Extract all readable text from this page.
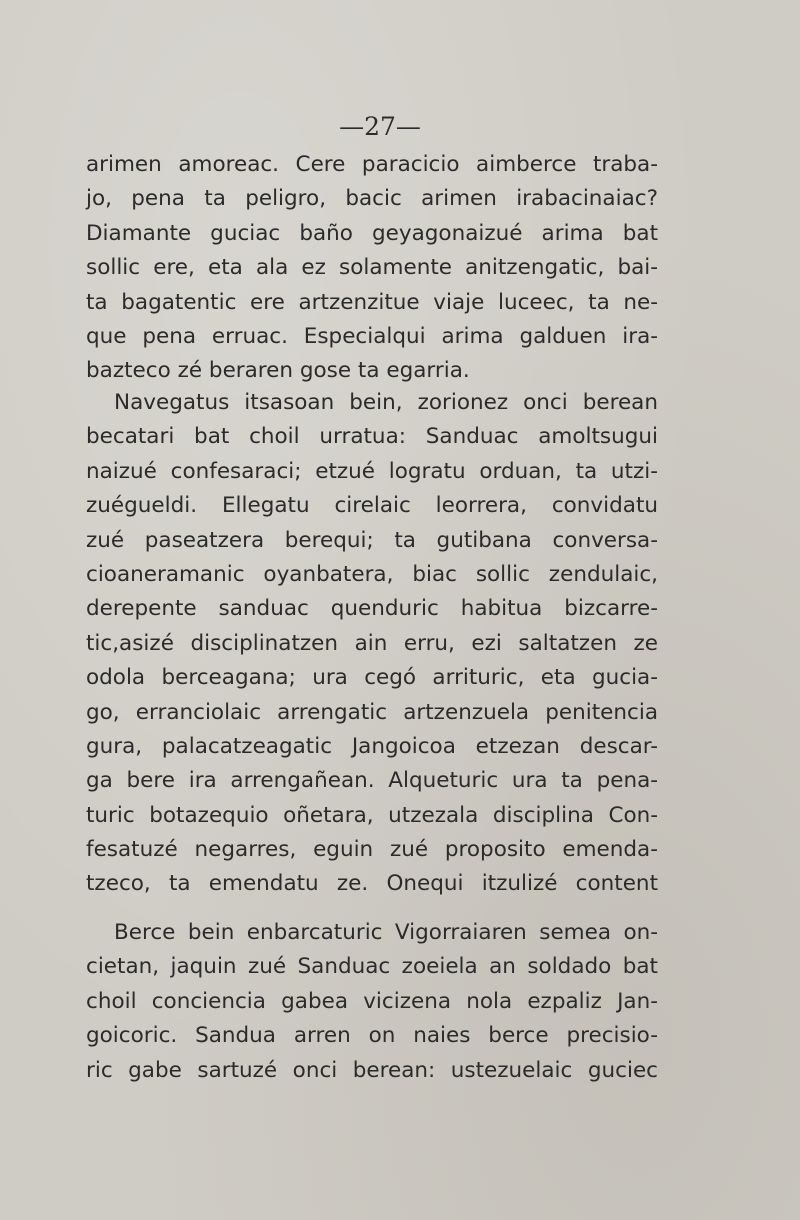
—27—
arimen amoreac. Cere paracicio aimberce traba-
jo, pena ta peligro, bacic arimen irabacinaiac?
Diamante guciac baño geyagonaizué arima bat
sollic ere, eta ala ez solamente anitzengatic, bai-
ta bagatentic ere artzenzitue viaje luceec, ta ne-
que pena erruac. Especialqui arima galduen ira-
bazteco zé beraren gose ta egarria.
Navegatus itsasoan bein, zorionez onci berean
becatari bat choil urratua: Sanduac amoltsugui
naizué confesaraci; etzué logratu orduan, ta utzi-
zuégueldi. Ellegatu cirelaic leorrera, convidatu
zué paseatzera berequi; ta gutibana conversa-
cioaneramanic oyanbatera, biac sollic zendulaic,
derepente sanduac quenduric habitua bizcarre-
tic,asizé disciplinatzen ain erru, ezi saltatzen ze
odola berceagana; ura cegó arrituric, eta gucia-
go, erranciolaic arrengatic artzenzuela penitencia
gura, palacatzeagatic Jangoicoa etzezan descar-
ga bere ira arrengañean. Alqueturic ura ta pena-
turic botazequio oñetara, utzezala disciplina Con-
fesatuzé negarres, eguin zué proposito emenda-
tzeco, ta emendatu ze. Onequi itzulizé content
Berce bein enbarcaturic Vigorraiaren semea on-
cietan, jaquin zué Sanduac zoeiela an soldado bat
choil conciencia gabea vicizena nola ezpaliz Jan-
goicoric. Sandua arren on naies berce precisio-
ric gabe sartuzé onci berean: ustezuelaic guciec
